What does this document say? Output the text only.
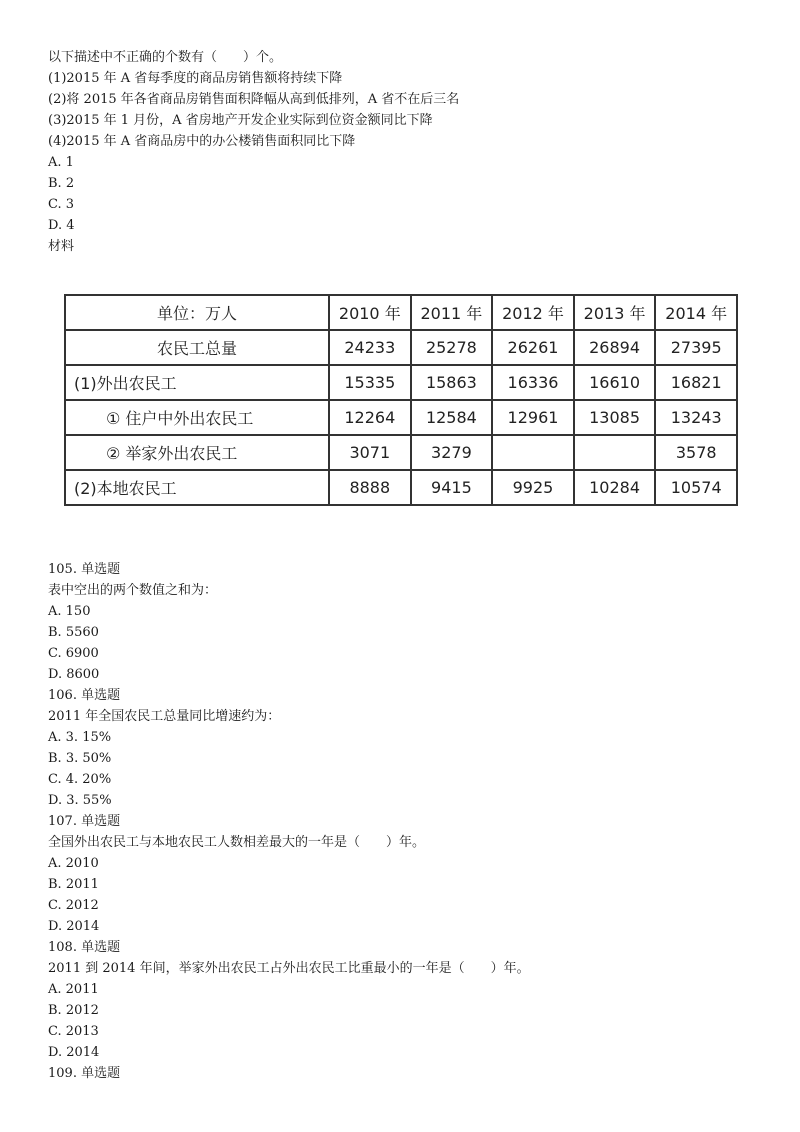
以下描述中不正确的个数有（　　）个。
(1)2015 年 A 省每季度的商品房销售额将持续下降
(2)将 2015 年各省商品房销售面积降幅从高到低排列，A 省不在后三名
(3)2015 年 1 月份，A 省房地产开发企业实际到位资金额同比下降
(4)2015 年 A 省商品房中的办公楼销售面积同比下降
A. 1
B. 2
C. 3
D. 4
材料
单位：万人	2010 年	2011 年	2012 年	2013 年	2014 年
农民工总量	24233	25278	26261	26894	27395
(1)外出农民工	15335	15863	16336	16610	16821
① 住户中外出农民工	12264	12584	12961	13085	13243
② 举家外出农民工	3071	3279			3578
(2)本地农民工	8888	9415	9925	10284	10574
105. 单选题
表中空出的两个数值之和为：
A. 150
B. 5560
C. 6900
D. 8600
106. 单选题
2011 年全国农民工总量同比增速约为：
A. 3. 15%
B. 3. 50%
C. 4. 20%
D. 3. 55%
107. 单选题
全国外出农民工与本地农民工人数相差最大的一年是（　　）年。
A. 2010
B. 2011
C. 2012
D. 2014
108. 单选题
2011 到 2014 年间，举家外出农民工占外出农民工比重最小的一年是（　　）年。
A. 2011
B. 2012
C. 2013
D. 2014
109. 单选题
